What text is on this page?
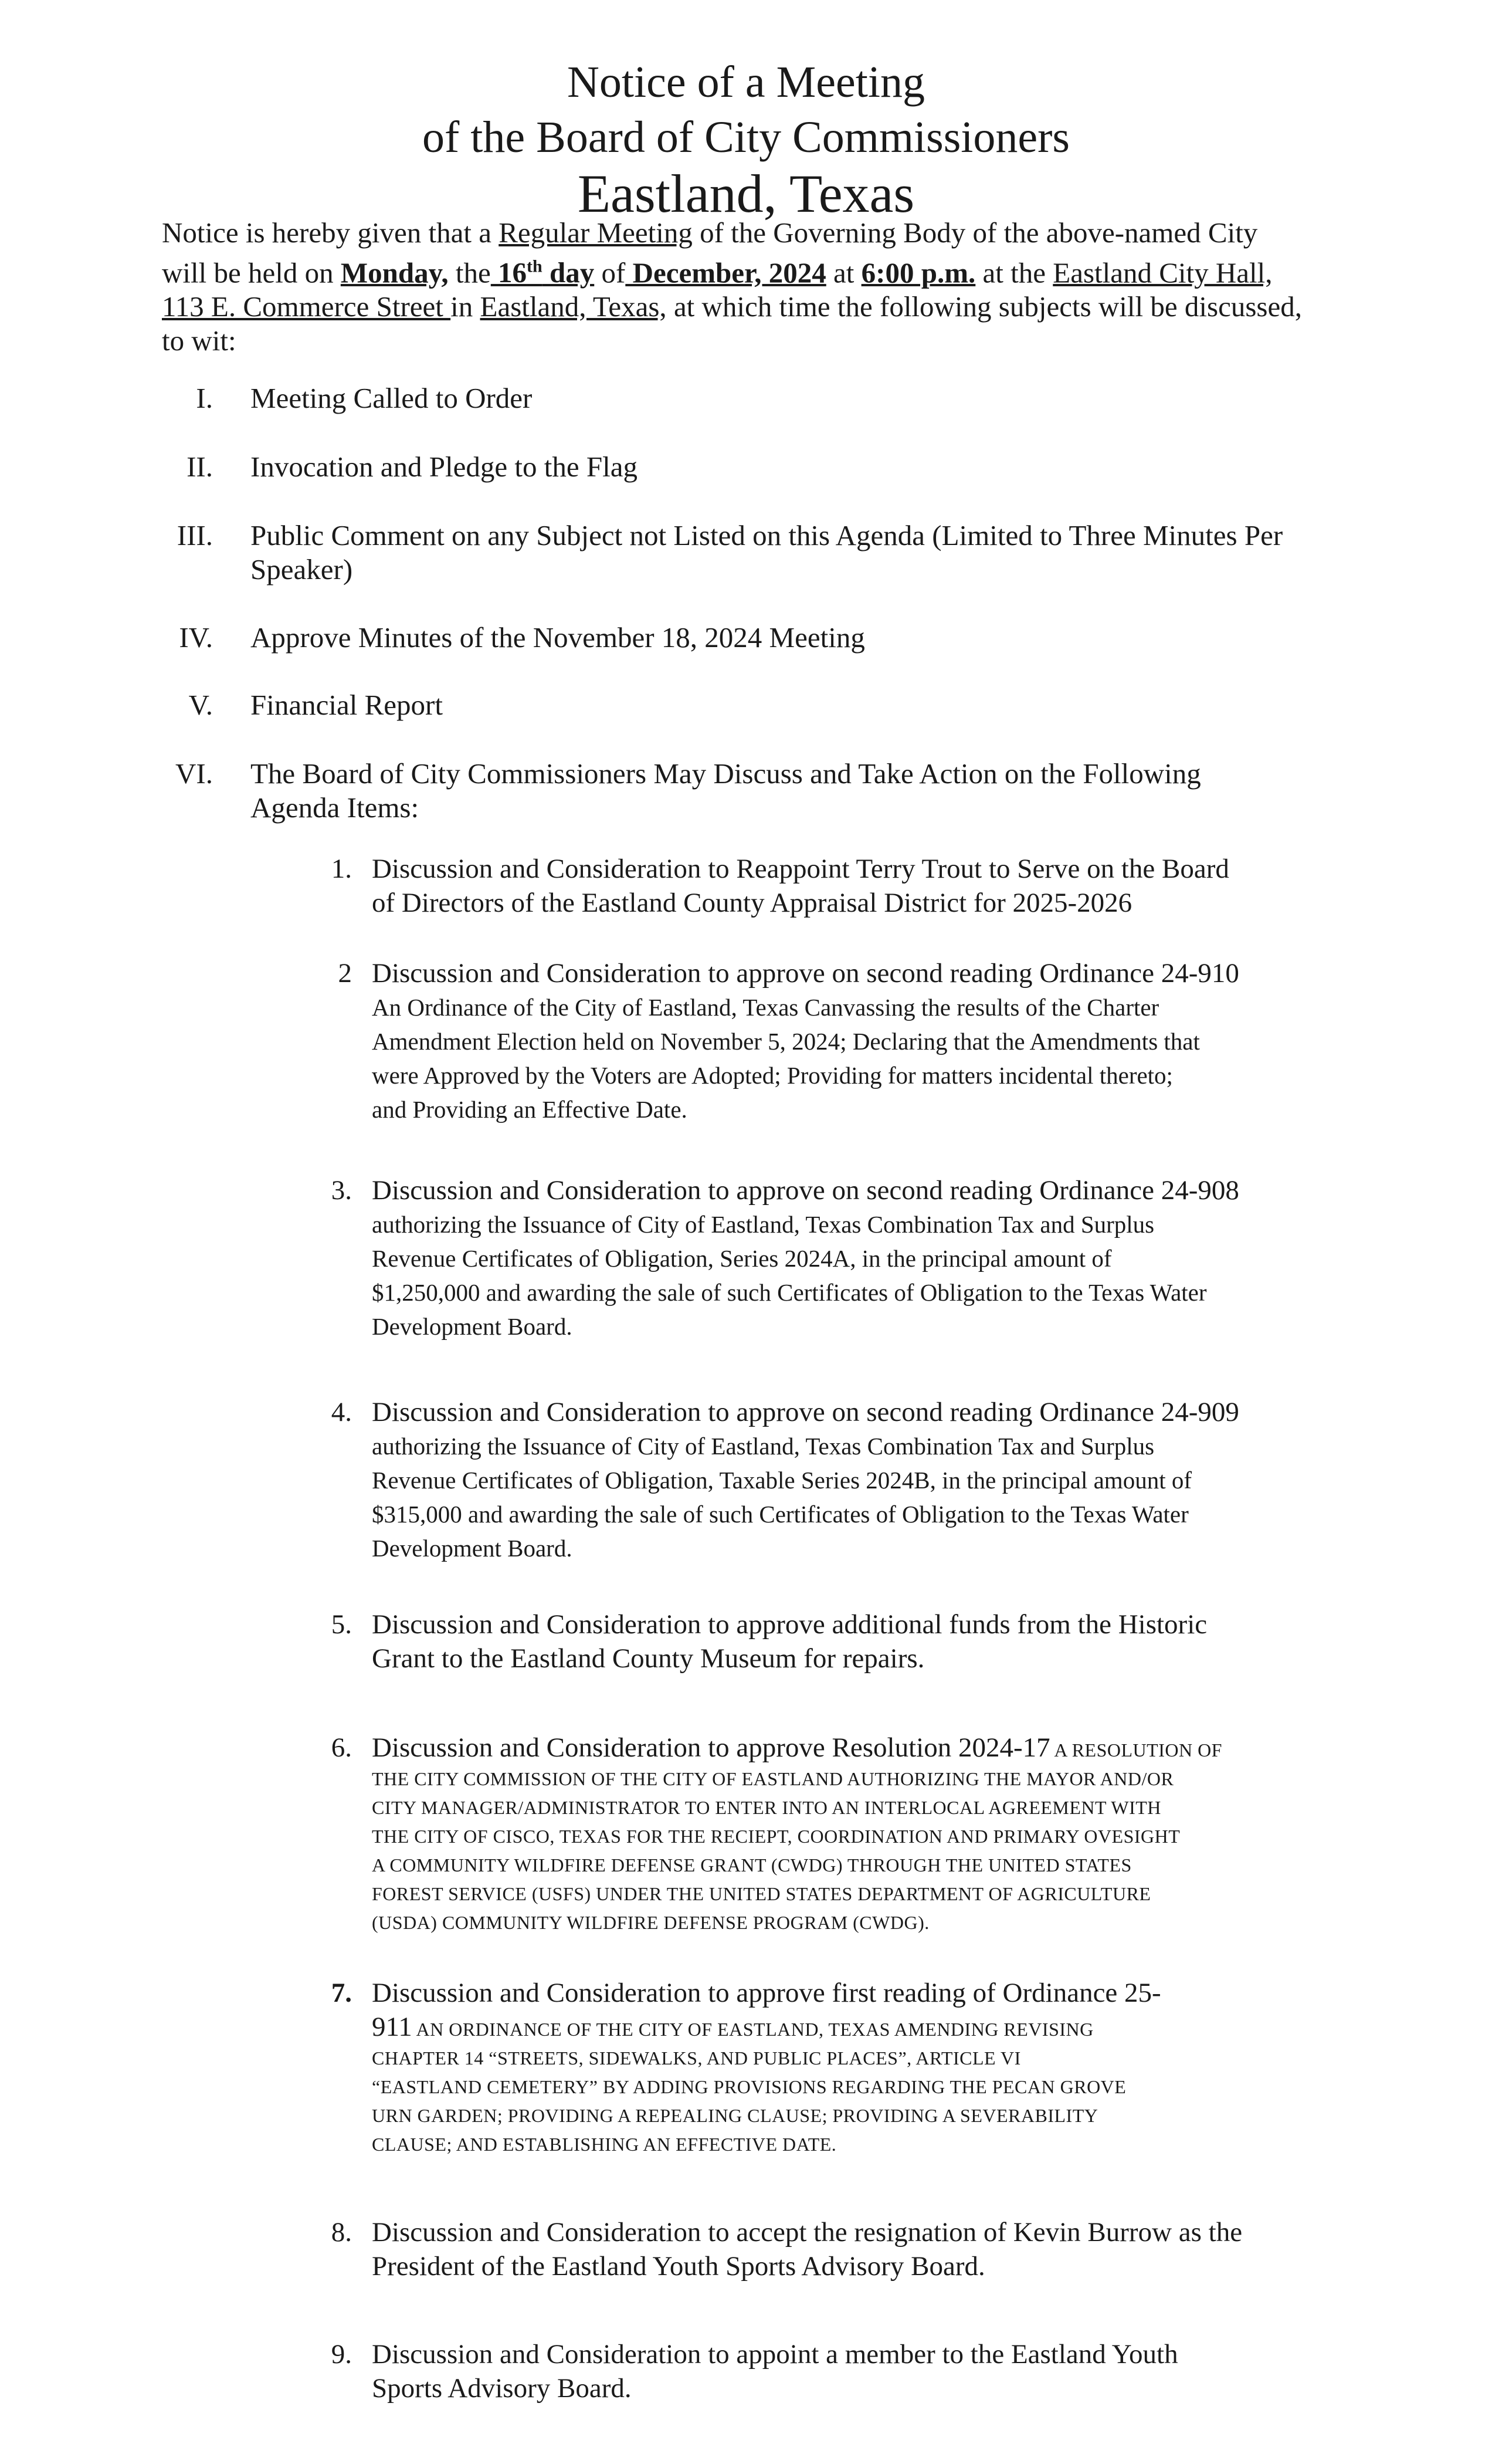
Notice of a Meeting
of the Board of City Commissioners
Eastland, Texas
Notice is hereby given that a Regular Meeting of the Governing Body of the above-named City
will be held on Monday, the 16th day of December, 2024 at 6:00 p.m. at the Eastland City Hall,
113 E. Commerce Street in Eastland, Texas, at which time the following subjects will be discussed,
to wit:
I. Meeting Called to Order
II. Invocation and Pledge to the Flag
III. Public Comment on any Subject not Listed on this Agenda (Limited to Three Minutes Per
Speaker)
IV. Approve Minutes of the November 18, 2024 Meeting
V. Financial Report
VI. The Board of City Commissioners May Discuss and Take Action on the Following
Agenda Items:
1. Discussion and Consideration to Reappoint Terry Trout to Serve on the Board
of Directors of the Eastland County Appraisal District for 2025-2026
2 Discussion and Consideration to approve on second reading Ordinance 24-910
An Ordinance of the City of Eastland, Texas Canvassing the results of the Charter
Amendment Election held on November 5, 2024; Declaring that the Amendments that
were Approved by the Voters are Adopted; Providing for matters incidental thereto;
and Providing an Effective Date.
3. Discussion and Consideration to approve on second reading Ordinance 24-908
authorizing the Issuance of City of Eastland, Texas Combination Tax and Surplus
Revenue Certificates of Obligation, Series 2024A, in the principal amount of
$1,250,000 and awarding the sale of such Certificates of Obligation to the Texas Water
Development Board.
4. Discussion and Consideration to approve on second reading Ordinance 24-909
authorizing the Issuance of City of Eastland, Texas Combination Tax and Surplus
Revenue Certificates of Obligation, Taxable Series 2024B, in the principal amount of
$315,000 and awarding the sale of such Certificates of Obligation to the Texas Water
Development Board.
5. Discussion and Consideration to approve additional funds from the Historic
Grant to the Eastland County Museum for repairs.
6. Discussion and Consideration to approve Resolution 2024-17 A RESOLUTION OF
THE CITY COMMISSION OF THE CITY OF EASTLAND AUTHORIZING THE MAYOR AND/OR
CITY MANAGER/ADMINISTRATOR TO ENTER INTO AN INTERLOCAL AGREEMENT WITH
THE CITY OF CISCO, TEXAS FOR THE RECIEPT, COORDINATION AND PRIMARY OVESIGHT
A COMMUNITY WILDFIRE DEFENSE GRANT (CWDG) THROUGH THE UNITED STATES
FOREST SERVICE (USFS) UNDER THE UNITED STATES DEPARTMENT OF AGRICULTURE
(USDA) COMMUNITY WILDFIRE DEFENSE PROGRAM (CWDG).
7. Discussion and Consideration to approve first reading of Ordinance 25-
911 AN ORDINANCE OF THE CITY OF EASTLAND, TEXAS AMENDING REVISING
CHAPTER 14 “STREETS, SIDEWALKS, AND PUBLIC PLACES”, ARTICLE VI
“EASTLAND CEMETERY” BY ADDING PROVISIONS REGARDING THE PECAN GROVE
URN GARDEN; PROVIDING A REPEALING CLAUSE; PROVIDING A SEVERABILITY
CLAUSE; AND ESTABLISHING AN EFFECTIVE DATE.
8. Discussion and Consideration to accept the resignation of Kevin Burrow as the
President of the Eastland Youth Sports Advisory Board.
9. Discussion and Consideration to appoint a member to the Eastland Youth
Sports Advisory Board.
